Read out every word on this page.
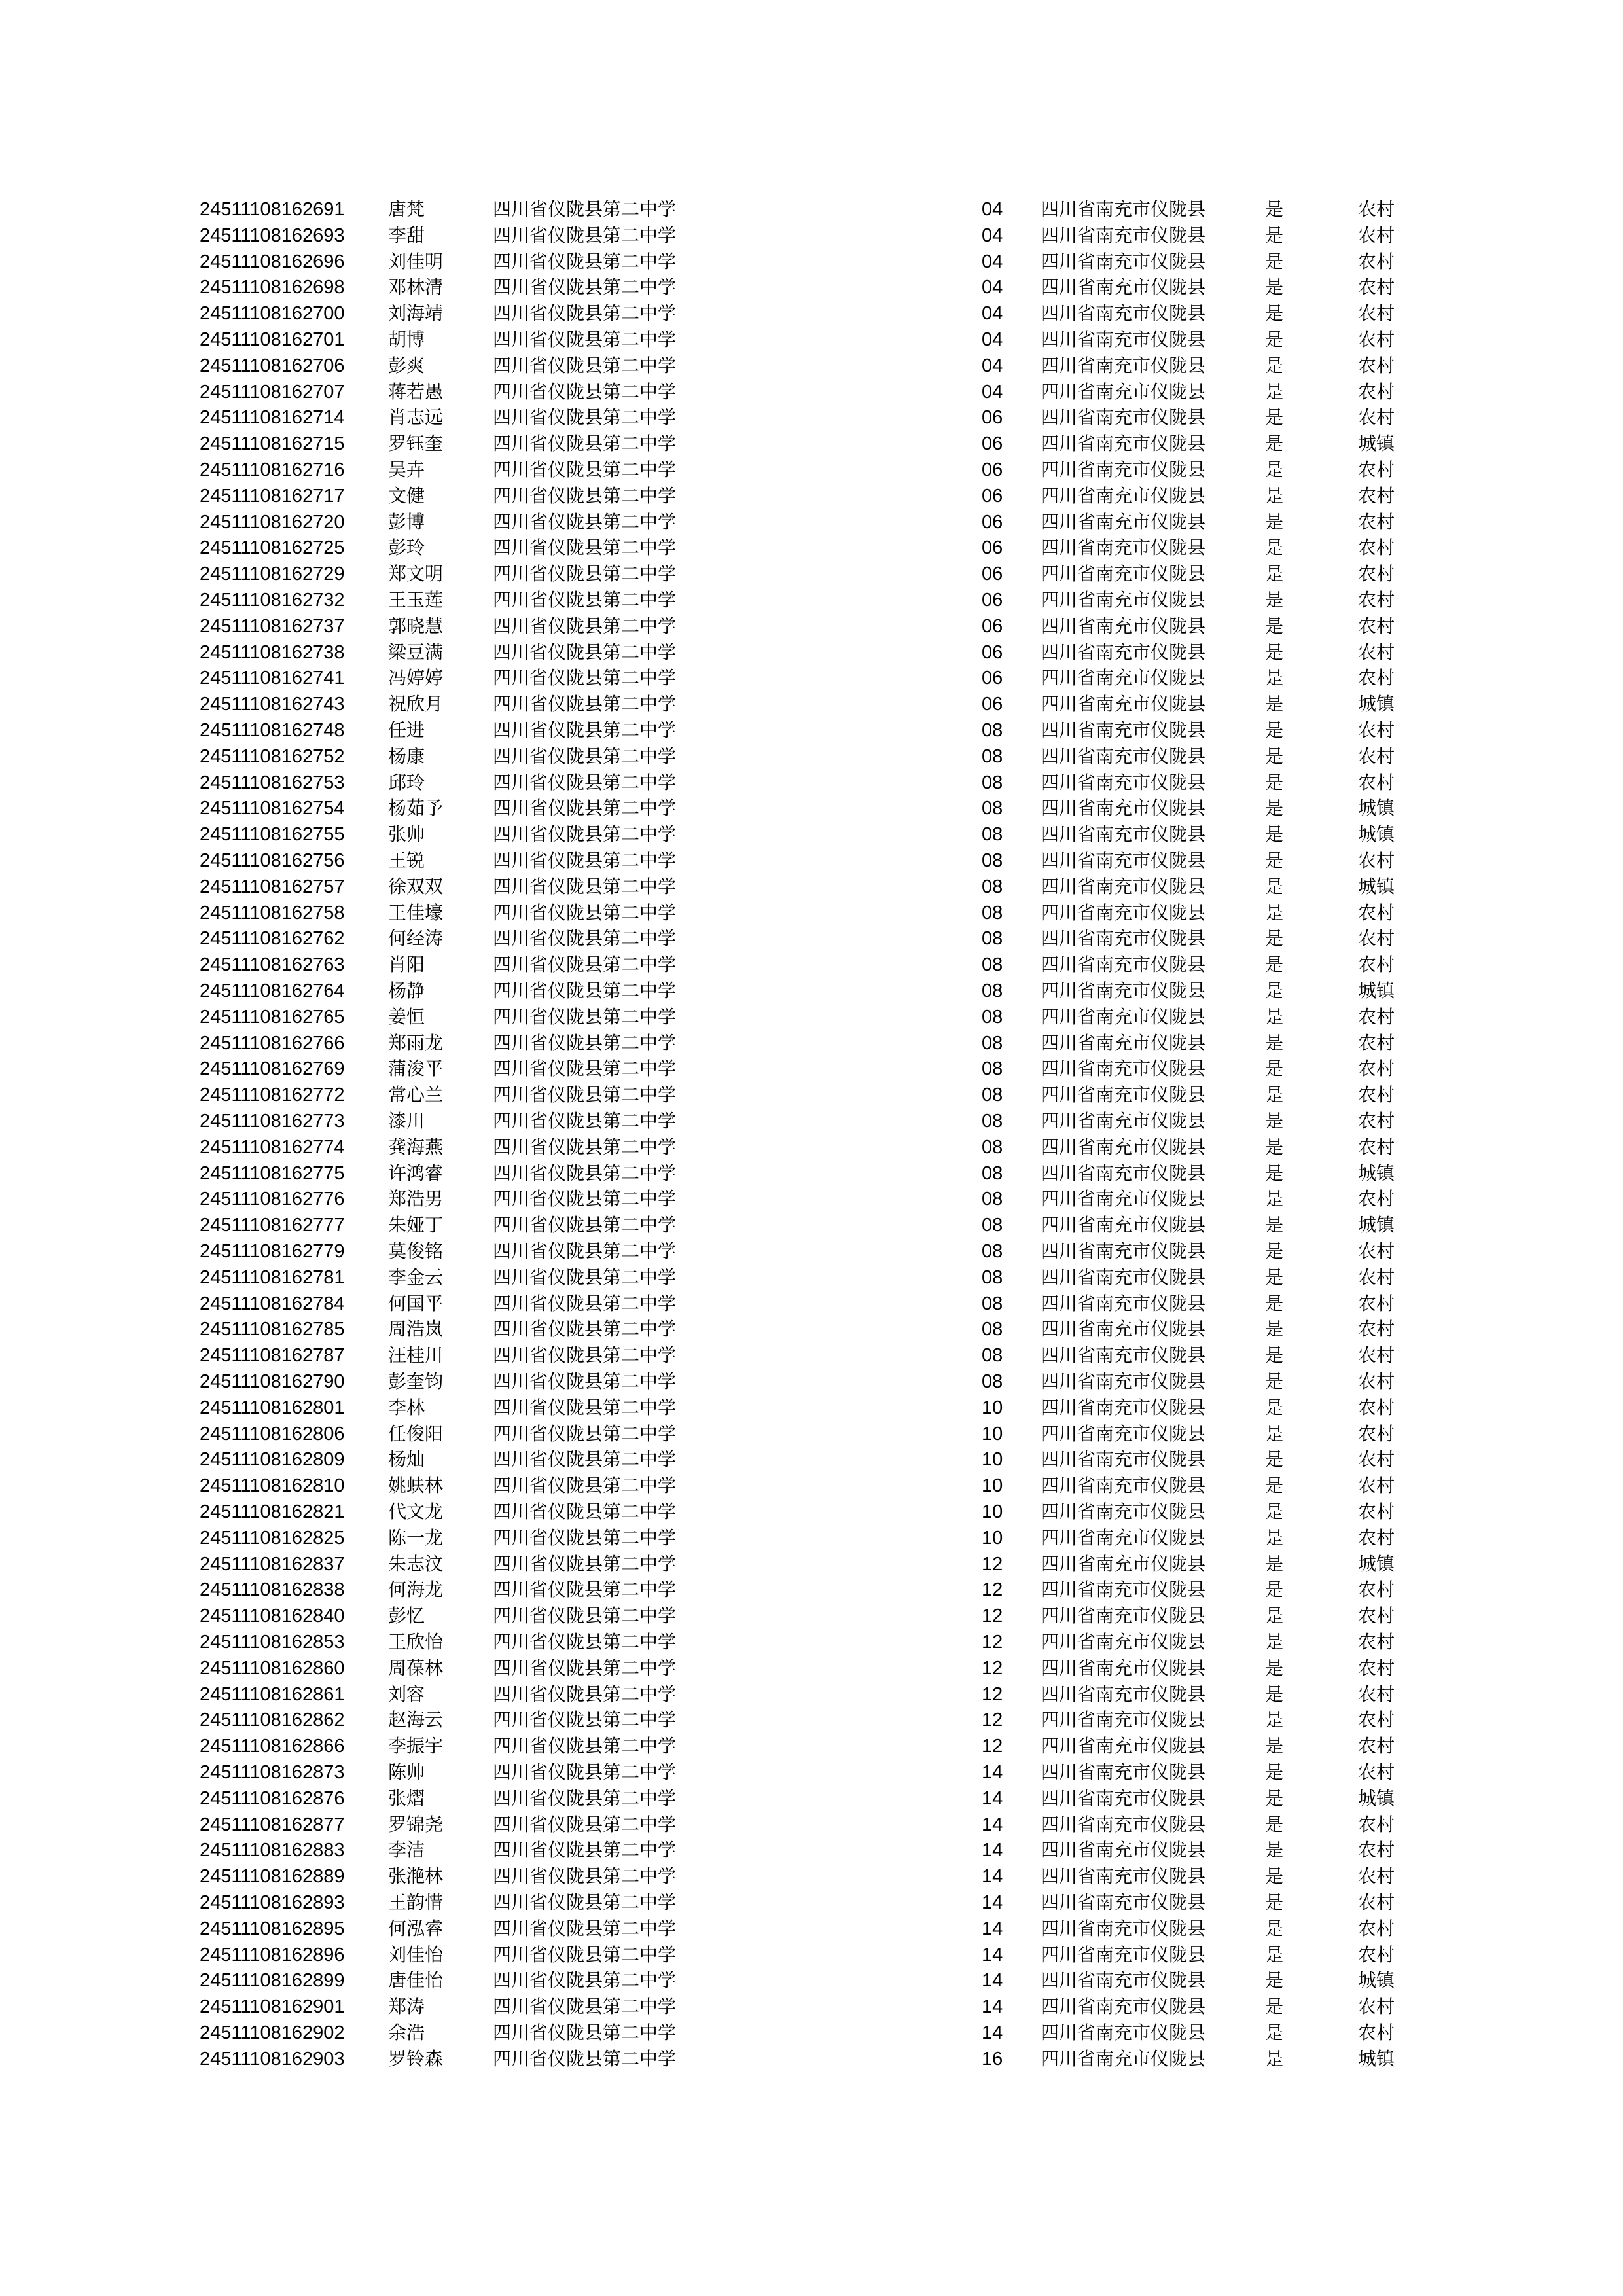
24511108162691 唐梵	四川省仪陇县第二中学	04 四川省南充市仪陇县	是	农村
24511108162693 李甜	四川省仪陇县第二中学	04 四川省南充市仪陇县	是	农村
24511108162696 刘佳明	四川省仪陇县第二中学	04 四川省南充市仪陇县	是	农村
24511108162698 邓林清	四川省仪陇县第二中学	04 四川省南充市仪陇县	是	农村
24511108162700 刘海靖	四川省仪陇县第二中学	04 四川省南充市仪陇县	是	农村
24511108162701 胡博	四川省仪陇县第二中学	04 四川省南充市仪陇县	是	农村
24511108162706 彭爽	四川省仪陇县第二中学	04 四川省南充市仪陇县	是	农村
24511108162707 蒋若愚	四川省仪陇县第二中学	04 四川省南充市仪陇县	是	农村
24511108162714 肖志远	四川省仪陇县第二中学	06 四川省南充市仪陇县	是	农村
24511108162715 罗钰奎	四川省仪陇县第二中学	06 四川省南充市仪陇县	是	城镇
24511108162716 吴卉	四川省仪陇县第二中学	06 四川省南充市仪陇县	是	农村
24511108162717 文健	四川省仪陇县第二中学	06 四川省南充市仪陇县	是	农村
24511108162720 彭博	四川省仪陇县第二中学	06 四川省南充市仪陇县	是	农村
24511108162725 彭玲	四川省仪陇县第二中学	06 四川省南充市仪陇县	是	农村
24511108162729 郑文明	四川省仪陇县第二中学	06 四川省南充市仪陇县	是	农村
24511108162732 王玉莲	四川省仪陇县第二中学	06 四川省南充市仪陇县	是	农村
24511108162737 郭晓慧	四川省仪陇县第二中学	06 四川省南充市仪陇县	是	农村
24511108162738 梁豆满	四川省仪陇县第二中学	06 四川省南充市仪陇县	是	农村
24511108162741 冯婷婷	四川省仪陇县第二中学	06 四川省南充市仪陇县	是	农村
24511108162743 祝欣月	四川省仪陇县第二中学	06 四川省南充市仪陇县	是	城镇
24511108162748 任进	四川省仪陇县第二中学	08 四川省南充市仪陇县	是	农村
24511108162752 杨康	四川省仪陇县第二中学	08 四川省南充市仪陇县	是	农村
24511108162753 邱玲	四川省仪陇县第二中学	08 四川省南充市仪陇县	是	农村
24511108162754 杨茹予	四川省仪陇县第二中学	08 四川省南充市仪陇县	是	城镇
24511108162755 张帅	四川省仪陇县第二中学	08 四川省南充市仪陇县	是	城镇
24511108162756 王锐	四川省仪陇县第二中学	08 四川省南充市仪陇县	是	农村
24511108162757 徐双双	四川省仪陇县第二中学	08 四川省南充市仪陇县	是	城镇
24511108162758 王佳壕	四川省仪陇县第二中学	08 四川省南充市仪陇县	是	农村
24511108162762 何经涛	四川省仪陇县第二中学	08 四川省南充市仪陇县	是	农村
24511108162763 肖阳	四川省仪陇县第二中学	08 四川省南充市仪陇县	是	农村
24511108162764 杨静	四川省仪陇县第二中学	08 四川省南充市仪陇县	是	城镇
24511108162765 姜恒	四川省仪陇县第二中学	08 四川省南充市仪陇县	是	农村
24511108162766 郑雨龙	四川省仪陇县第二中学	08 四川省南充市仪陇县	是	农村
24511108162769 蒲浚平	四川省仪陇县第二中学	08 四川省南充市仪陇县	是	农村
24511108162772 常心兰	四川省仪陇县第二中学	08 四川省南充市仪陇县	是	农村
24511108162773 漆川	四川省仪陇县第二中学	08 四川省南充市仪陇县	是	农村
24511108162774 龚海燕	四川省仪陇县第二中学	08 四川省南充市仪陇县	是	农村
24511108162775 许鸿睿	四川省仪陇县第二中学	08 四川省南充市仪陇县	是	城镇
24511108162776 郑浩男	四川省仪陇县第二中学	08 四川省南充市仪陇县	是	农村
24511108162777 朱娅丁	四川省仪陇县第二中学	08 四川省南充市仪陇县	是	城镇
24511108162779 莫俊铭	四川省仪陇县第二中学	08 四川省南充市仪陇县	是	农村
24511108162781 李金云	四川省仪陇县第二中学	08 四川省南充市仪陇县	是	农村
24511108162784 何国平	四川省仪陇县第二中学	08 四川省南充市仪陇县	是	农村
24511108162785 周浩岚	四川省仪陇县第二中学	08 四川省南充市仪陇县	是	农村
24511108162787 汪桂川	四川省仪陇县第二中学	08 四川省南充市仪陇县	是	农村
24511108162790 彭奎钧	四川省仪陇县第二中学	08 四川省南充市仪陇县	是	农村
24511108162801 李林	四川省仪陇县第二中学	10 四川省南充市仪陇县	是	农村
24511108162806 任俊阳	四川省仪陇县第二中学	10 四川省南充市仪陇县	是	农村
24511108162809 杨灿	四川省仪陇县第二中学	10 四川省南充市仪陇县	是	农村
24511108162810 姚蚨林	四川省仪陇县第二中学	10 四川省南充市仪陇县	是	农村
24511108162821 代文龙	四川省仪陇县第二中学	10 四川省南充市仪陇县	是	农村
24511108162825 陈一龙	四川省仪陇县第二中学	10 四川省南充市仪陇县	是	农村
24511108162837 朱志汶	四川省仪陇县第二中学	12 四川省南充市仪陇县	是	城镇
24511108162838 何海龙	四川省仪陇县第二中学	12 四川省南充市仪陇县	是	农村
24511108162840 彭忆	四川省仪陇县第二中学	12 四川省南充市仪陇县	是	农村
24511108162853 王欣怡	四川省仪陇县第二中学	12 四川省南充市仪陇县	是	农村
24511108162860 周葆林	四川省仪陇县第二中学	12 四川省南充市仪陇县	是	农村
24511108162861 刘容	四川省仪陇县第二中学	12 四川省南充市仪陇县	是	农村
24511108162862 赵海云	四川省仪陇县第二中学	12 四川省南充市仪陇县	是	农村
24511108162866 李振宇	四川省仪陇县第二中学	12 四川省南充市仪陇县	是	农村
24511108162873 陈帅	四川省仪陇县第二中学	14 四川省南充市仪陇县	是	农村
24511108162876 张熠	四川省仪陇县第二中学	14 四川省南充市仪陇县	是	城镇
24511108162877 罗锦尧	四川省仪陇县第二中学	14 四川省南充市仪陇县	是	农村
24511108162883 李洁	四川省仪陇县第二中学	14 四川省南充市仪陇县	是	农村
24511108162889 张滟林	四川省仪陇县第二中学	14 四川省南充市仪陇县	是	农村
24511108162893 王韵惜	四川省仪陇县第二中学	14 四川省南充市仪陇县	是	农村
24511108162895 何泓睿	四川省仪陇县第二中学	14 四川省南充市仪陇县	是	农村
24511108162896 刘佳怡	四川省仪陇县第二中学	14 四川省南充市仪陇县	是	农村
24511108162899 唐佳怡	四川省仪陇县第二中学	14 四川省南充市仪陇县	是	城镇
24511108162901 郑涛	四川省仪陇县第二中学	14 四川省南充市仪陇县	是	农村
24511108162902 余浩	四川省仪陇县第二中学	14 四川省南充市仪陇县	是	农村
24511108162903 罗铃森	四川省仪陇县第二中学	16 四川省南充市仪陇县	是	城镇
